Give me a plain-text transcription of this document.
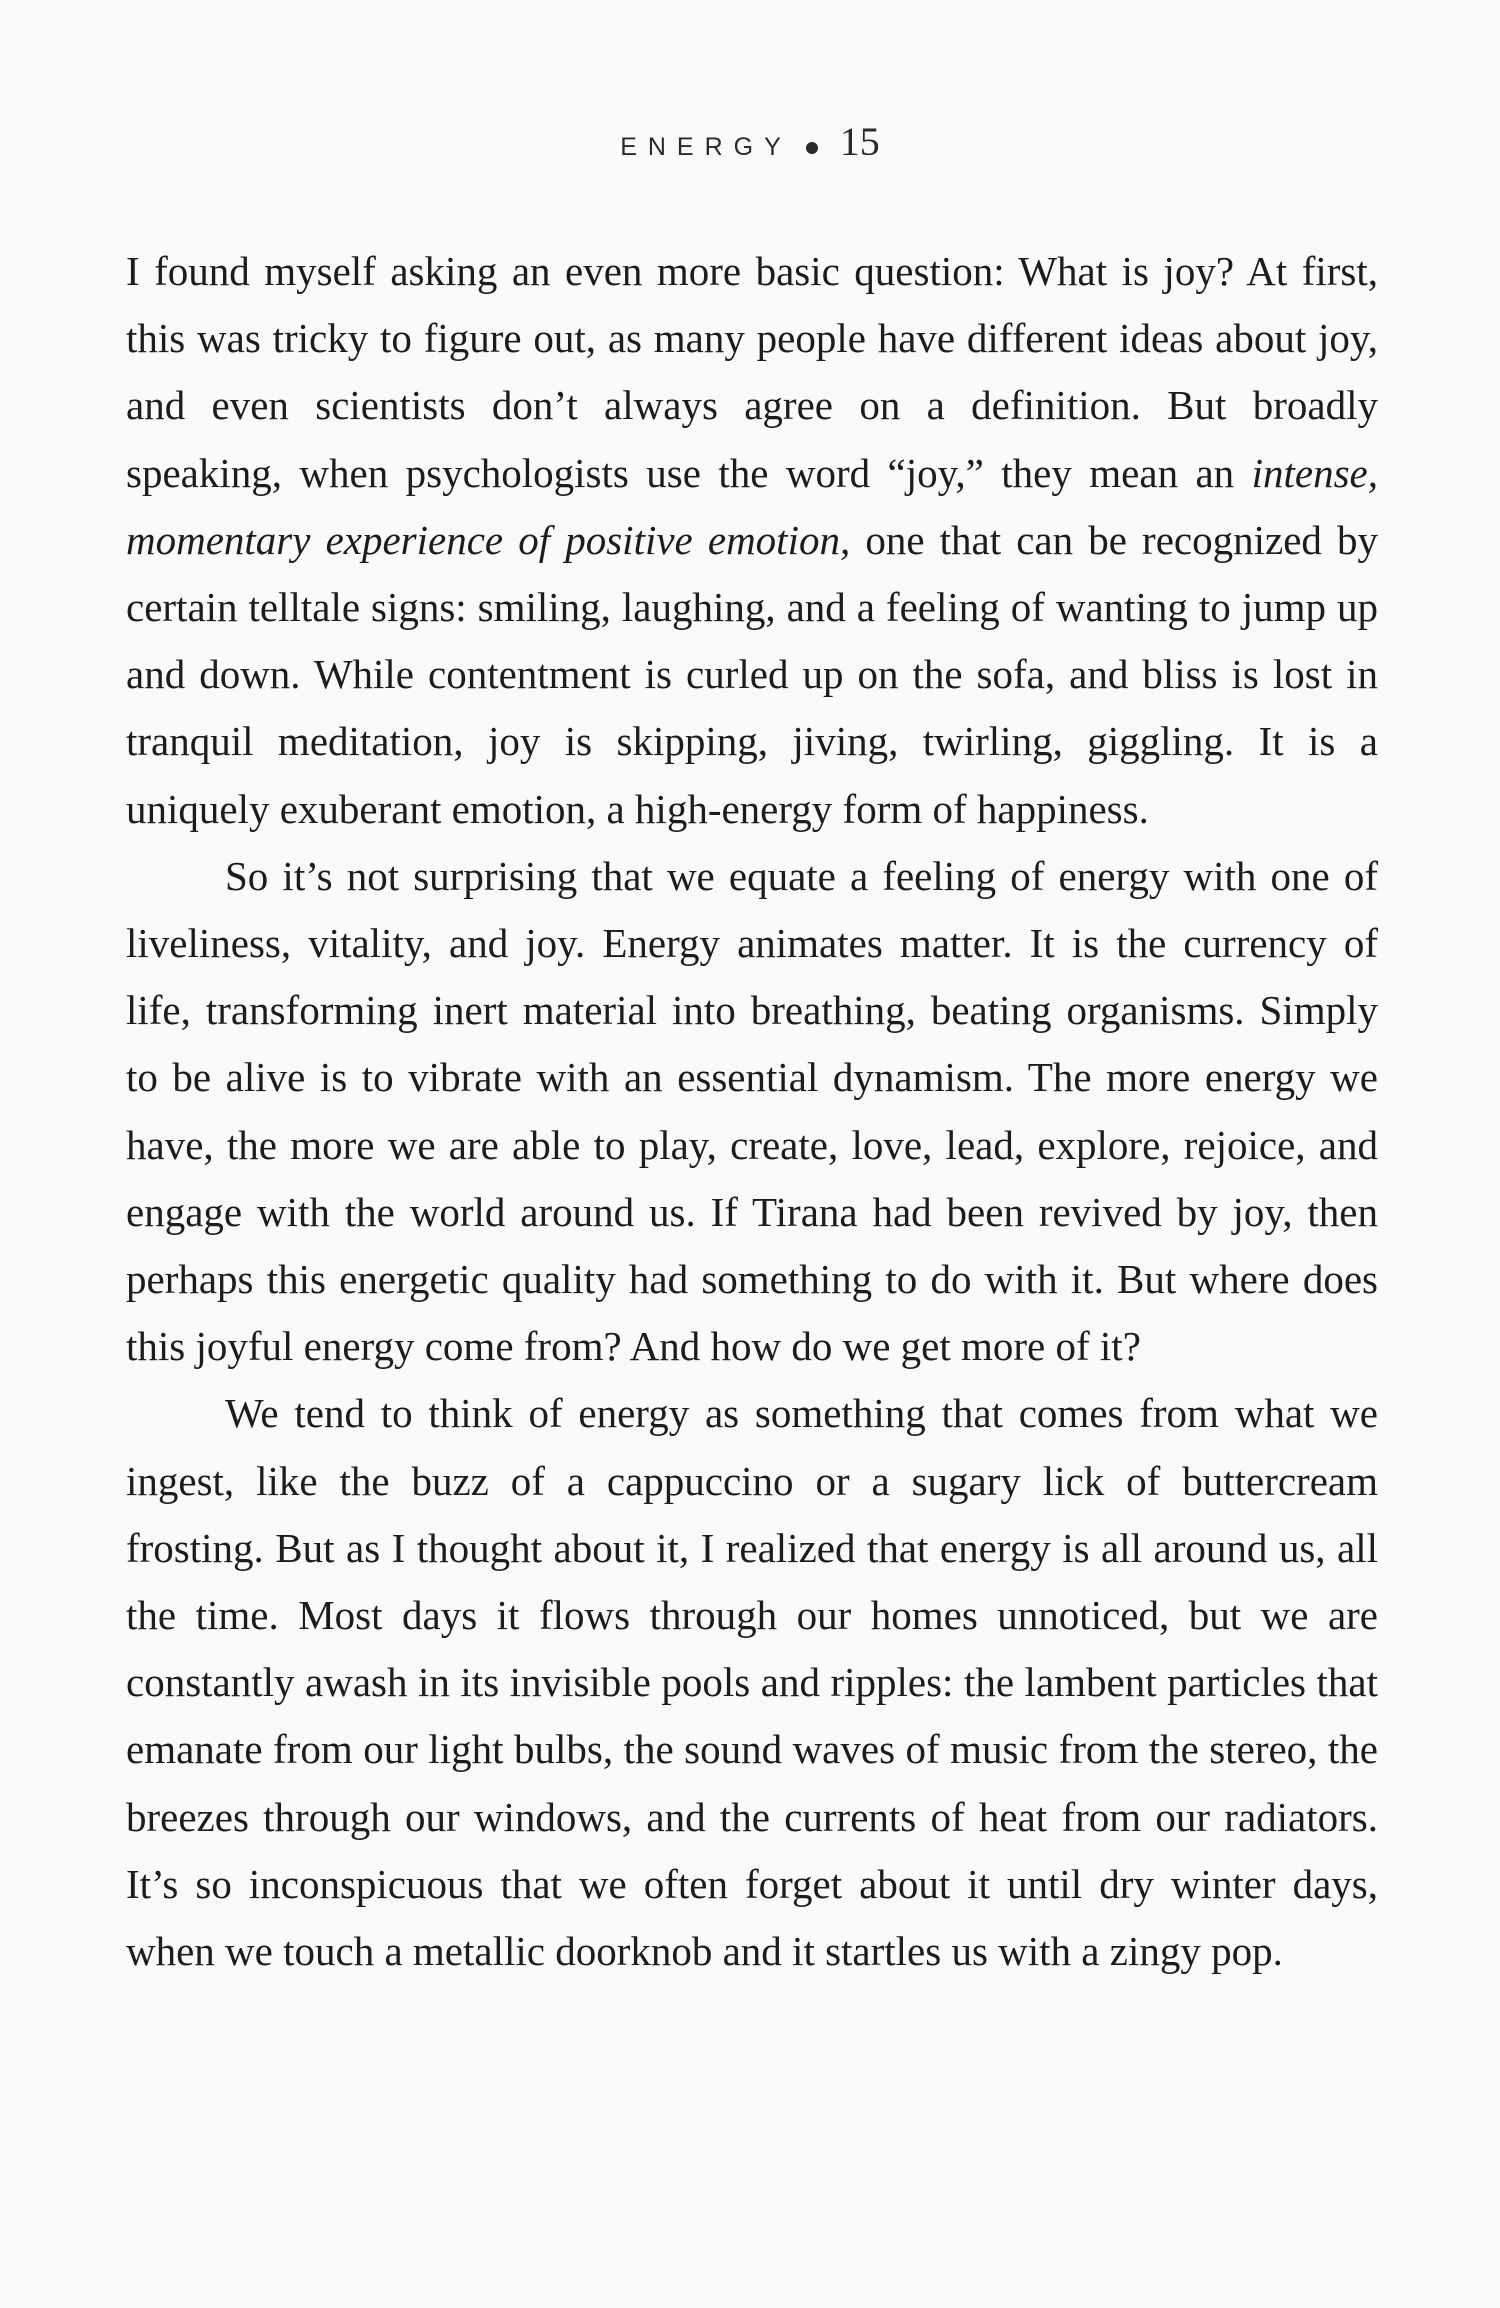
ENERGY 15

I found myself asking an even more basic question: What is joy? At first, this was tricky to figure out, as many people have different ideas about joy, and even scientists don’t always agree on a definition. But broadly speaking, when psychologists use the word “joy,” they mean an intense, momentary experience of positive emotion, one that can be recognized by certain telltale signs: smiling, laughing, and a feeling of wanting to jump up and down. While contentment is curled up on the sofa, and bliss is lost in tranquil meditation, joy is skipping, jiving, twirling, giggling. It is a uniquely exuberant emotion, a high-energy form of happiness.

So it’s not surprising that we equate a feeling of energy with one of liveliness, vitality, and joy. Energy animates matter. It is the currency of life, transforming inert material into breathing, beating organisms. Simply to be alive is to vibrate with an essential dynamism. The more energy we have, the more we are able to play, create, love, lead, explore, rejoice, and engage with the world around us. If Tirana had been revived by joy, then perhaps this energetic quality had something to do with it. But where does this joyful energy come from? And how do we get more of it?

We tend to think of energy as something that comes from what we ingest, like the buzz of a cappuccino or a sugary lick of buttercream frosting. But as I thought about it, I realized that energy is all around us, all the time. Most days it flows through our homes unnoticed, but we are constantly awash in its invisible pools and ripples: the lambent particles that emanate from our light bulbs, the sound waves of music from the stereo, the breezes through our windows, and the currents of heat from our radiators. It’s so inconspicuous that we often forget about it until dry winter days, when we touch a metallic doorknob and it startles us with a zingy pop.
